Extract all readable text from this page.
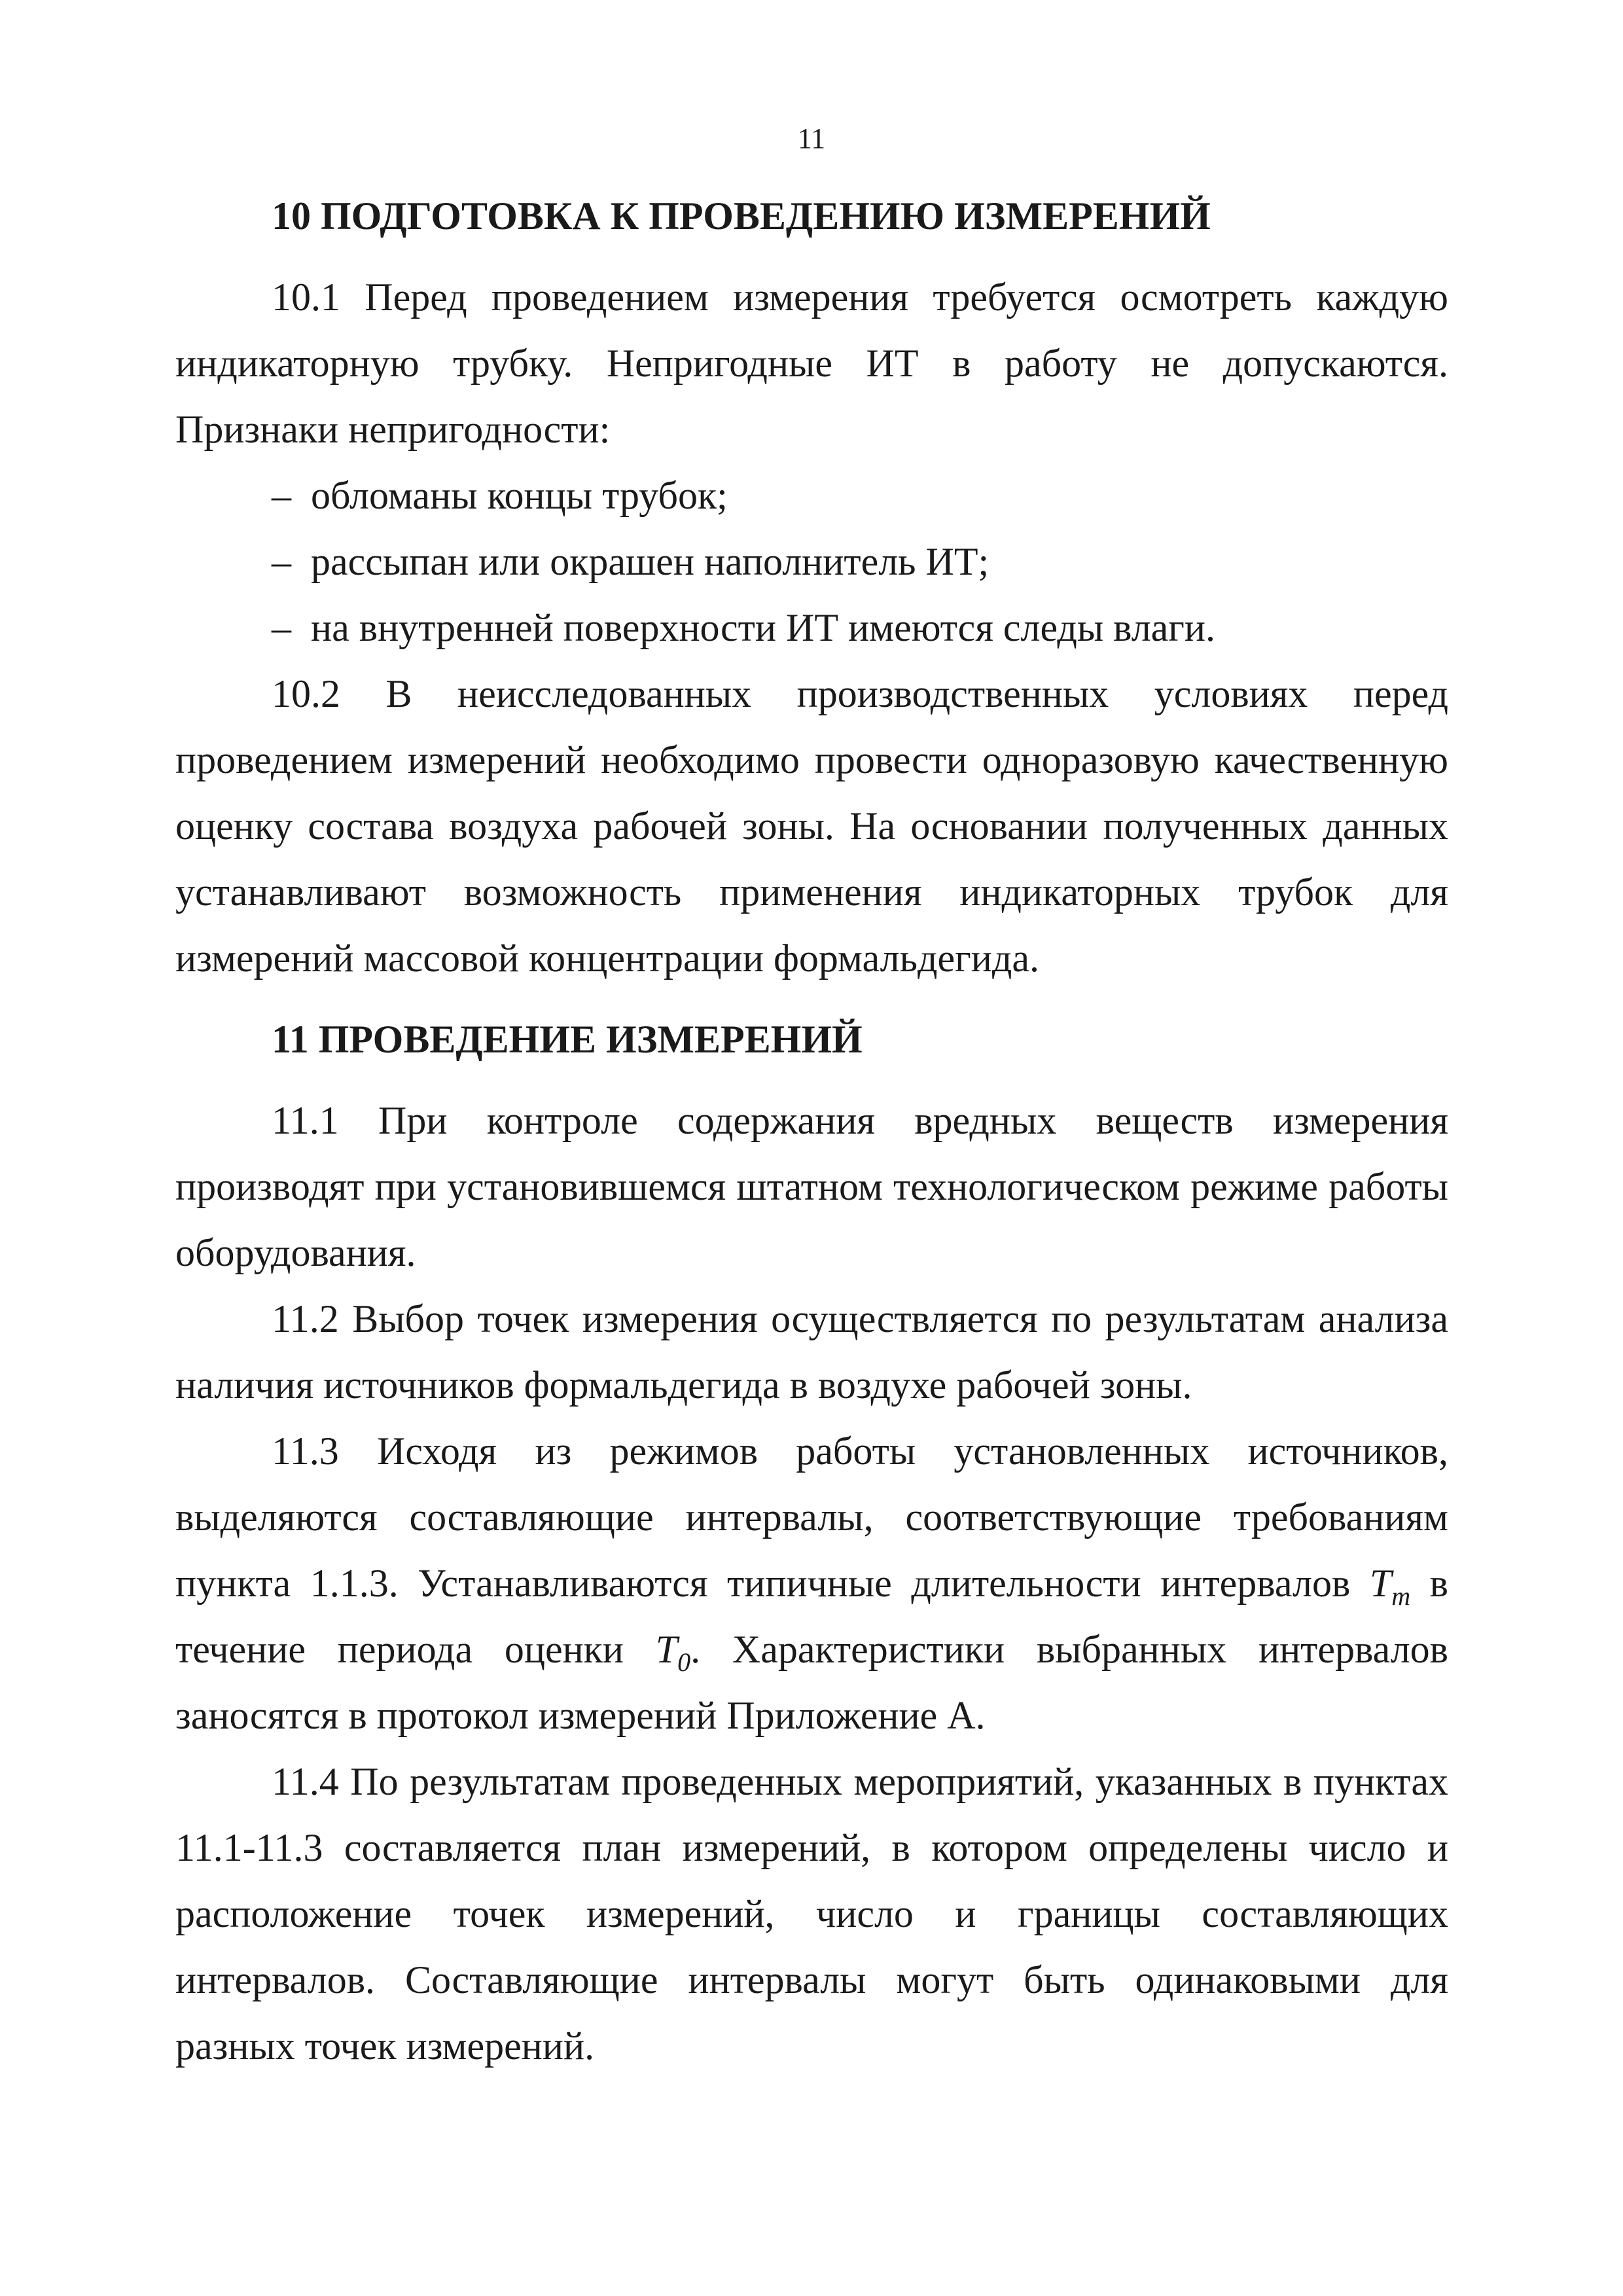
11

10 ПОДГОТОВКА К ПРОВЕДЕНИЮ ИЗМЕРЕНИЙ

10.1 Перед проведением измерения требуется осмотреть каждую индикаторную трубку. Непригодные ИТ в работу не допускаются. Признаки непригодности:

– обломаны концы трубок;

– рассыпан или окрашен наполнитель ИТ;

– на внутренней поверхности ИТ имеются следы влаги.

10.2 В неисследованных производственных условиях перед проведением измерений необходимо провести одноразовую качественную оценку состава воздуха рабочей зоны. На основании полученных данных устанавливают возможность применения индикаторных трубок для измерений массовой концентрации формальдегида.

11 ПРОВЕДЕНИЕ ИЗМЕРЕНИЙ

11.1 При контроле содержания вредных веществ измерения производят при установившемся штатном технологическом режиме работы оборудования.

11.2 Выбор точек измерения осуществляется по результатам анализа наличия источников формальдегида в воздухе рабочей зоны.

11.3 Исходя из режимов работы установленных источников, выделяются составляющие интервалы, соответствующие требованиям пункта 1.1.3. Устанавливаются типичные длительности интервалов $T_m$ в течение периода оценки $T_0$. Характеристики выбранных интервалов заносятся в протокол измерений Приложение А.

11.4 По результатам проведенных мероприятий, указанных в пунктах 11.1-11.3 составляется план измерений, в котором определены число и расположение точек измерений, число и границы составляющих интервалов. Составляющие интервалы могут быть одинаковыми для разных точек измерений.
